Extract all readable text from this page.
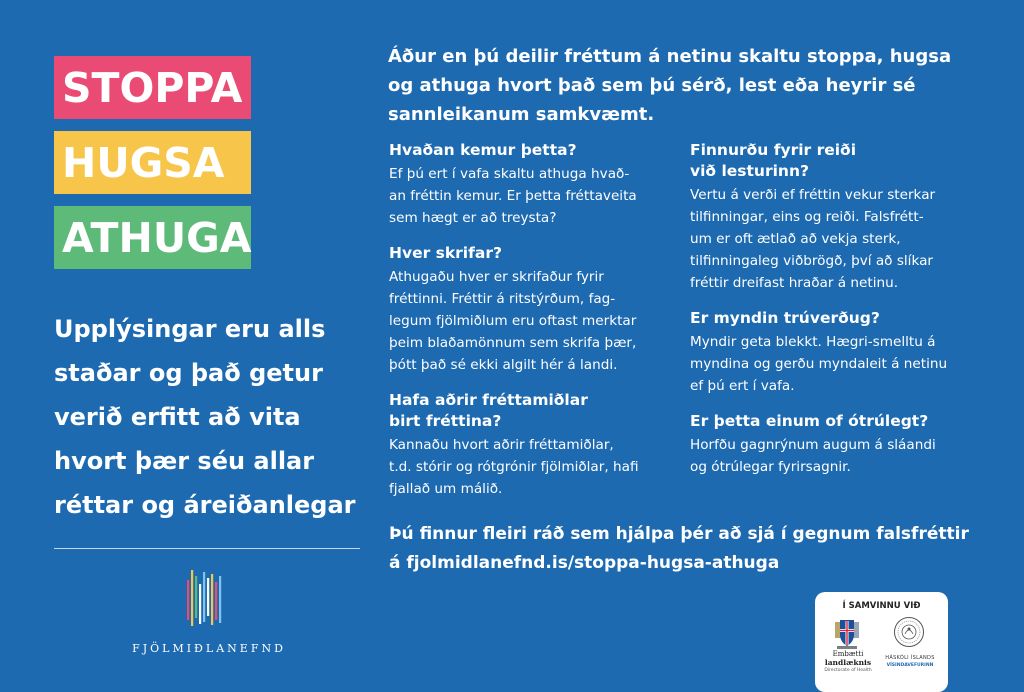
STOPPA
HUGSA
ATHUGA
Upplýsingar eru alls
staðar og það getur
verið erfitt að vita
hvort þær séu allar
réttar og áreiðanlegar
FJÖLMIÐLANEFND
Áður en þú deilir fréttum á netinu skaltu stoppa, hugsa
og athuga hvort það sem þú sérð, lest eða heyrir sé
sannleikanum samkvæmt.
Hvaðan kemur þetta?

Ef þú ert í vafa skaltu athuga hvað-
an fréttin kemur. Er þetta fréttaveita
sem hægt er að treysta?

Hver skrifar?

Athugaðu hver er skrifaður fyrir
fréttinni. Fréttir á ritstýrðum, fag-
legum fjölmiðlum eru oftast merktar
þeim blaðamönnum sem skrifa þær,
þótt það sé ekki algilt hér á landi.

Hafa aðrir fréttamiðlar
birt fréttina?

Kannaðu hvort aðrir fréttamiðlar,
t.d. stórir og rótgrónir fjölmiðlar, hafi
fjallað um málið.

Finnurðu fyrir reiði
við lesturinn?

Vertu á verði ef fréttin vekur sterkar
tilfinningar, eins og reiði. Falsfrétt-
um er oft ætlað að vekja sterk,
tilfinningaleg viðbrögð, því að slíkar
fréttir dreifast hraðar á netinu.

Er myndin trúverðug?

Myndir geta blekkt. Hægri-smelltu á
myndina og gerðu myndaleit á netinu
ef þú ert í vafa.

Er þetta einum of ótrúlegt?

Horfðu gagnrýnum augum á sláandi
og ótrúlegar fyrirsagnir.

Þú finnur fleiri ráð sem hjálpa þér að sjá í gegnum falsfréttir
á fjolmidlanefnd.is/stoppa-hugsa-athuga
Í SAMVINNU VIÐ
Embætti
landlæknis
Directorate of Health
HÁSKÓLI ÍSLANDS
VÍSINDAVEFURINN
